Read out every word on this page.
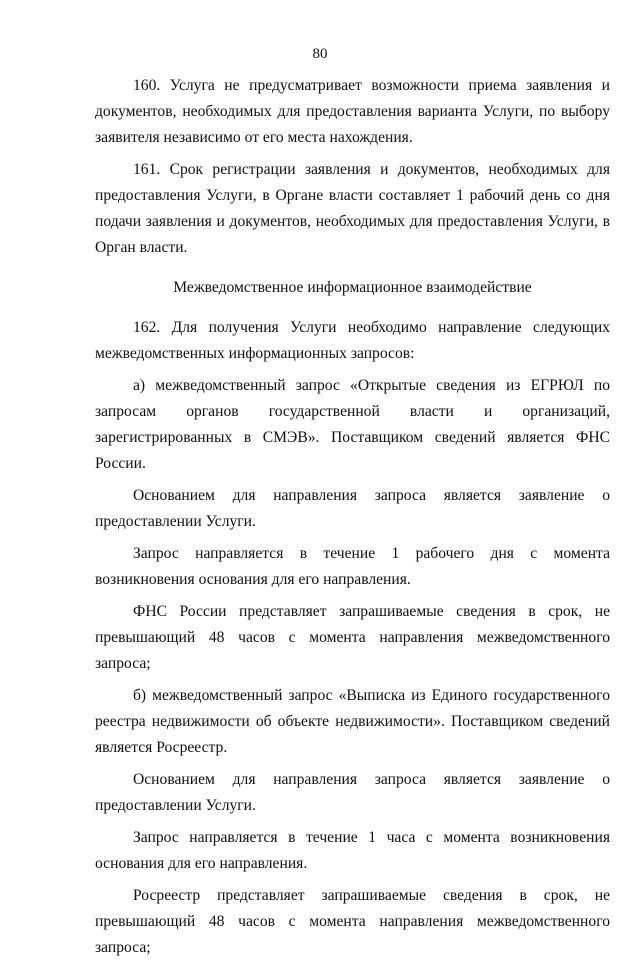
80

160. Услуга не предусматривает возможности приема заявления и документов, необходимых для предоставления варианта Услуги, по выбору заявителя независимо от его места нахождения.

161. Срок регистрации заявления и документов, необходимых для предоставления Услуги, в Органе власти составляет 1 рабочий день со дня подачи заявления и документов, необходимых для предоставления Услуги, в Орган власти.

Межведомственное информационное взаимодействие

162. Для получения Услуги необходимо направление следующих межведомственных информационных запросов:

а) межведомственный запрос «Открытые сведения из ЕГРЮЛ по запросам органов государственной власти и организаций, зарегистрированных в СМЭВ». Поставщиком сведений является ФНС России.

Основанием для направления запроса является заявление о предоставлении Услуги.

Запрос направляется в течение 1 рабочего дня с момента возникновения основания для его направления.

ФНС России представляет запрашиваемые сведения в срок, не превышающий 48 часов с момента направления межведомственного запроса;

б) межведомственный запрос «Выписка из Единого государственного реестра недвижимости об объекте недвижимости». Поставщиком сведений является Росреестр.

Основанием для направления запроса является заявление о предоставлении Услуги.

Запрос направляется в течение 1 часа с момента возникновения основания для его направления.

Росреестр представляет запрашиваемые сведения в срок, не превышающий 48 часов с момента направления межведомственного запроса;
